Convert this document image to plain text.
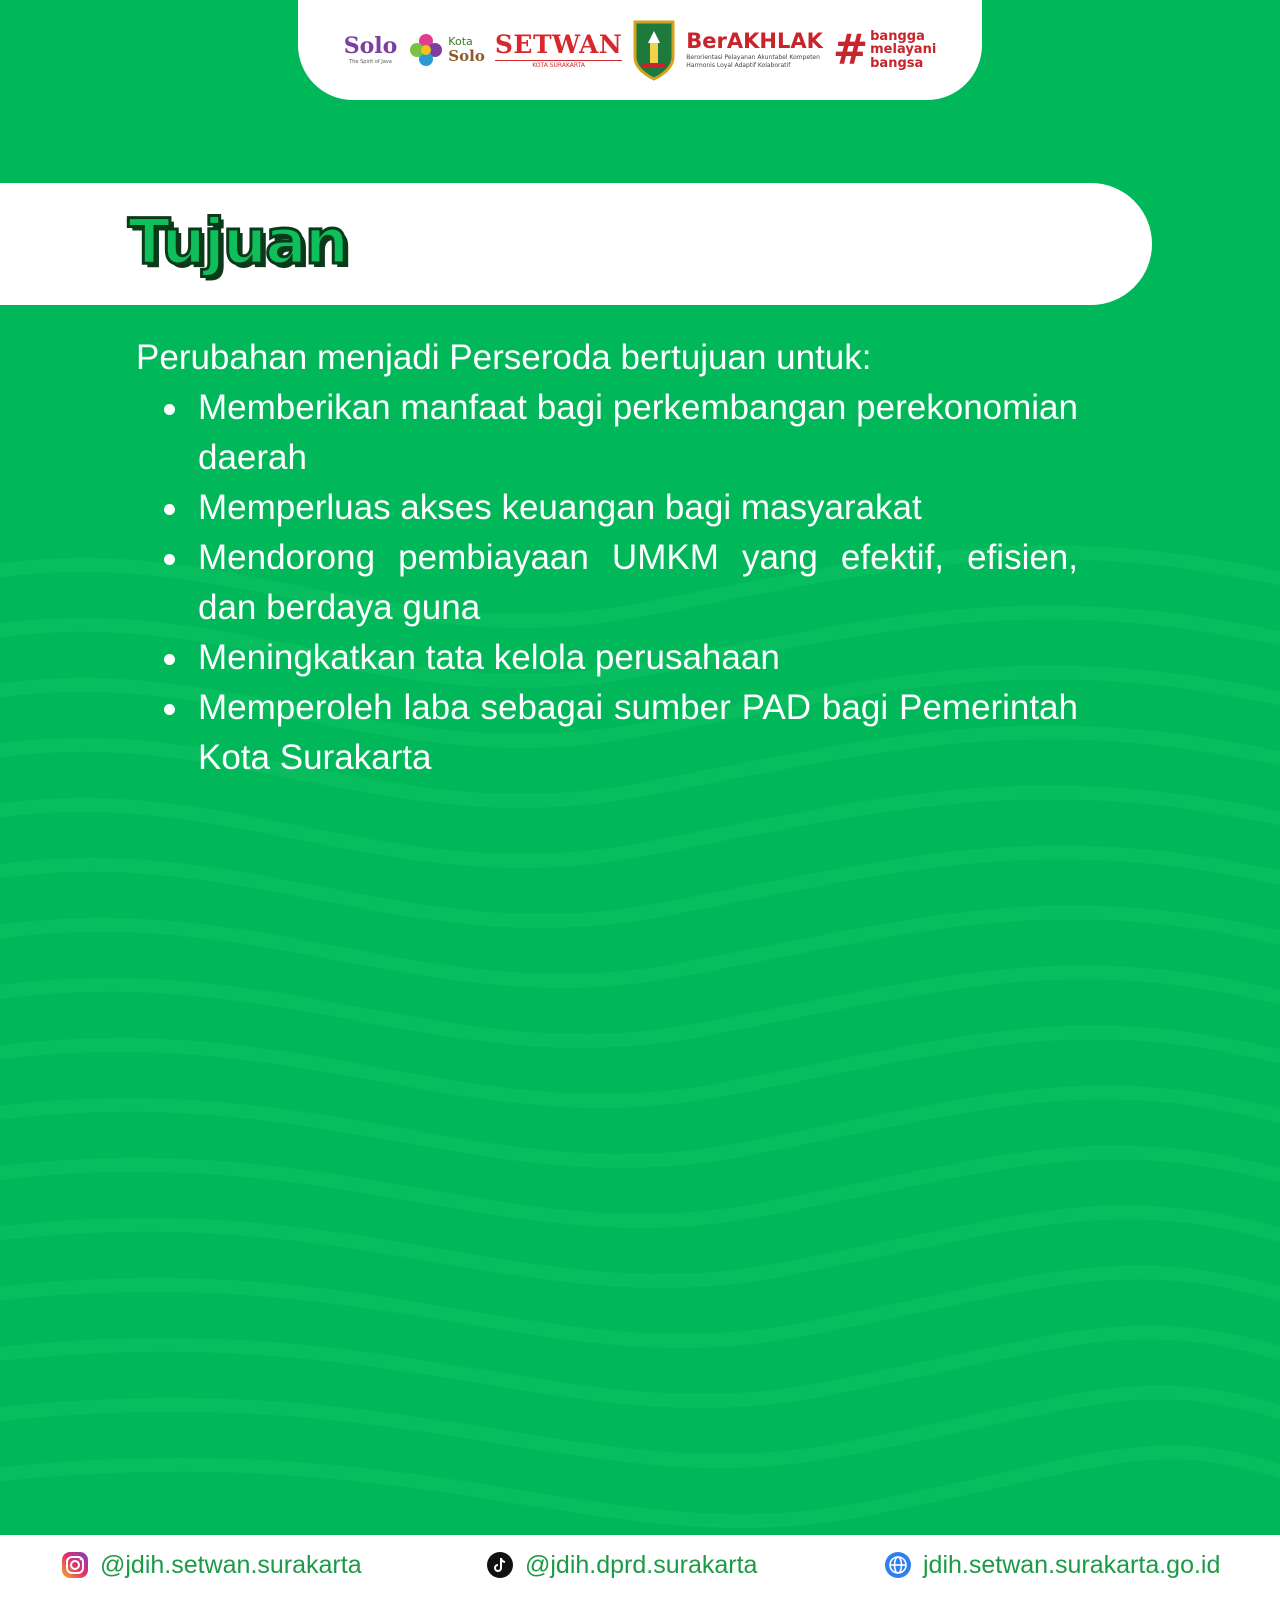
Solo
The Spirit of Java
Kota
Solo SETWAN
KOTA SURAKARTA
BerAKHLAK
Berorientasi Pelayanan Akuntabel Kompeten
Harmonis Loyal Adaptif Kolaboratif	# bangga
melayani
bangsa
Tujuan

Perubahan menjadi Perseroda bertujuan untuk:

Memberikan manfaat bagi perkembangan perekonomian daerah
Memperluas akses keuangan bagi masyarakat
Mendorong pembiayaan UMKM yang efektif, efisien, dan berdaya guna
Meningkatkan tata kelola perusahaan
Memperoleh laba sebagai sumber PAD bagi Pemerintah Kota Surakarta
@jdih.setwan.surakarta	@jdih.dprd.surakarta	jdih.setwan.surakarta.go.id
